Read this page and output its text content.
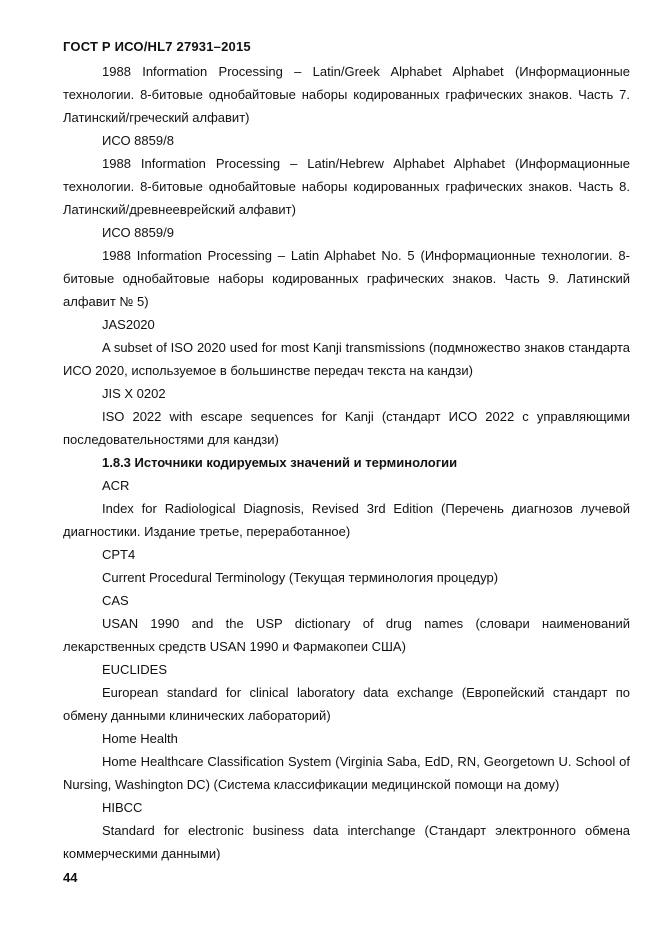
ГОСТ Р ИСО/HL7 27931–2015

1988 Information Processing – Latin/Greek Alphabet Alphabet (Информационные технологии. 8-битовые однобайтовые наборы кодированных графических знаков. Часть 7. Латинский/греческий алфавит)

ИСО 8859/8

1988 Information Processing – Latin/Hebrew Alphabet Alphabet (Информационные технологии. 8-битовые однобайтовые наборы кодированных графических знаков. Часть 8. Латинский/древнееврейский алфавит)

ИСО 8859/9

1988 Information Processing – Latin Alphabet No. 5 (Информационные технологии. 8-битовые однобайтовые наборы кодированных графических знаков. Часть 9. Латинский алфавит № 5)

JAS2020

A subset of ISO 2020 used for most Kanji transmissions (подмножество знаков стандарта ИСО 2020, используемое в большинстве передач текста на кандзи)

JIS X 0202

ISO 2022 with escape sequences for Kanji (стандарт ИСО 2022 с управляющими последовательностями для кандзи)

1.8.3 Источники кодируемых значений и терминологии

ACR

Index for Radiological Diagnosis, Revised 3rd Edition (Перечень диагнозов лучевой диагностики. Издание третье, переработанное)

CPT4

Current Procedural Terminology (Текущая терминология процедур)

CAS

USAN 1990 and the USP dictionary of drug names (словари наименований лекарственных средств USAN 1990 и Фармакопеи США)

EUCLIDES

European standard for clinical laboratory data exchange (Европейский стандарт по обмену данными клинических лабораторий)

Home Health

Home Healthcare Classification System (Virginia Saba, EdD, RN, Georgetown U. School of Nursing, Washington DC) (Система классификации медицинской помощи на дому)

HIBCC

Standard for electronic business data interchange (Стандарт электронного обмена коммерческими данными)

44
